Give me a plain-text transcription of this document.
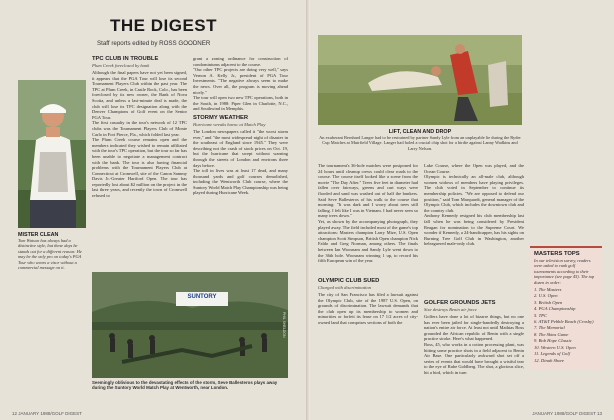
THE DIGEST
Staff reports edited by ROSS GOODNER
MISTER CLEAN
Tom Watson has always had a distinctive style, but these days he stands out for a different reason: He may be the only pro on today's PGA Tour who wears a visor without a commercial message on it.
TPC CLUB IN TROUBLE
Plum Creek foreclosed by bank

Although the final papers have not yet been signed, it appears that the PGA Tour will lose its second Tournament Players Club within the past year. The TPC at Plum Creek, in Castle Rock, Colo., has been foreclosed by its new owner, the Bank of Nova Scotia, and unless a last-minute deal is made, the club will lose its TPC designation along with the Denver Champions of Golf event on the Senior PGA Tour.

The first casualty in the tour's network of 12 TPC clubs was the Tournament Players Club of Monte Carlo in Fort Pierce, Fla., which folded last year.

The Plum Creek course remains open and the members indicated they wished to remain affiliated with the tour's TPC operation, but the tour so far has been unable to negotiate a management contract with the bank. The tour is also having financial problems with the Tournament Players Club at Connecticut at Cromwell, site of the Canon Sammy Davis Jr.-Greater Hartford Open. The tour has reportedly lost about $2 million on the project in the last three years, and recently the town of Cromwell refused to

grant a zoning ordinance for construction of condominiums adjacent to the course.

"Our other TPC projects are doing very well," says Vernon A. Kelly Jr., president of PGA Tour Investments. "The negative always seem to make the news. Over all, the program is moving ahead nicely."

The tour will open two new TPC operations, both in the South, in 1988: Piper Glen in Charlotte, N.C., and Southwind in Memphis.

STORMY WEATHER
Hurricane wreaks havoc at Match Play

The London newspapers called it "the worst storm ever," and "the most widespread night of disaster in the southeast of England since 1945." They were describing not the crash of stock prices on Oct. 19, but the hurricane that swept without warning through the streets of London and environs three days before.

The toll in lives was at least 17 dead, and many thousand yards and golf courses demolished, including the Wentworth Club course, where the Suntory World Match Play Championship was being played during Hurricane Week.

SUNTORY
PHIL SHELDON
Seemingly oblivious to the devastating effects of the storm, Seve Ballesteros plays away during the Suntory World Match Play at Wentworth, near London.
LIFT, CLEAN AND DROP
An exuberant Bernhard Langer had to be restrained by partner Sandy Lyle from an unplayable lie during the Ryder Cup Matches at Muirfield Village. Langer had holed a crucial chip shot for a birdie against Lanny Wadkins and Larry Nelson.

The tournament's 36-hole matches were postponed for 24 hours until cleanup crews could clear roads to the course. The course itself looked like a scene from the movie "The Day After." Trees five feet in diameter had fallen over fairways, greens and cart ways were flooded and sand was washed out of half the bunkers. Said Seve Ballesteros of his walk to the course that morning: "It was dark and I worry about trees still falling. I felt like I was in Vietnam. I had never seen so many trees down."

Yet, as shown by the accompanying photograph, they played away. The field included most of the game's top attractions: Masters champion Larry Mize, U.S. Open champion Scott Simpson, British Open champion Nick Faldo and Greg Norman, among others. The finals between Ian Woosnam and Sandy Lyle went down to the 36th hole. Woosnam winning 1 up, to record his fifth European win of the year.

OLYMPIC CLUB SUED
Charged with discrimination

The city of San Francisco has filed a lawsuit against the Olympic Club, site of the 1987 U.S. Open, on grounds of discrimination. The lawsuit demands that the club open up its membership to women and minorities or forfeit its lease on 17 1/2 acres of city-owned land that comprises sections of both the

Lake Course, where the Open was played, and the Ocean Course.

Olympic is technically an all-male club, although women widows of members have playing privileges. The club voted in September to continue its membership policies. "We are opposed to defend our position," said Tom Marquardt, general manager of the Olympic Club, which includes the downtown club and the country club.

Anthony Kennedy resigned his club membership last fall when he was being considered by President Reagan for nomination to the Supreme Court. We wonder if Kennedy, a 24-handicapper, has his sights on Burning Tree Golf Club in Washington, another beleaguered male-only club.

GOLFER GROUNDS JETS
Sixe destroys Benin air force

Golfers have done a lot of bizarre things, but no one has ever been jailed for single-handedly destroying a nation's entire air force. At least not until Mathias Boss grounded the African republic of Benin with a single practice stroke. Here's what happened.

Boss, 45, who works in a cotton processing plant, was hitting some practice shots in a field adjacent to Benin Air Base. One particularly awkward shot set off a series of events that would have brought a wistful tear to the eye of Rube Goldberg. The shot, a glorious slice, hit a bird, which in turn

MASTERS TOPS
In our television survey, readers were asked to rank golf tournaments according to their importance (see page 45). The top dozen in order:
1. The Masters
2. U.S. Open
3. British Open
4. PGA Championship
5. TPC
6. AT&T Pebble Beach (Crosby)
7. The Memorial
8. The Skins Game
9. Bob Hope Classic
10. Western U.S. Open
11. Legends of Golf
12. Dinah Shore
12 JANUARY 1988/GOLF DIGEST	JANUARY 1988/GOLF DIGEST 13
